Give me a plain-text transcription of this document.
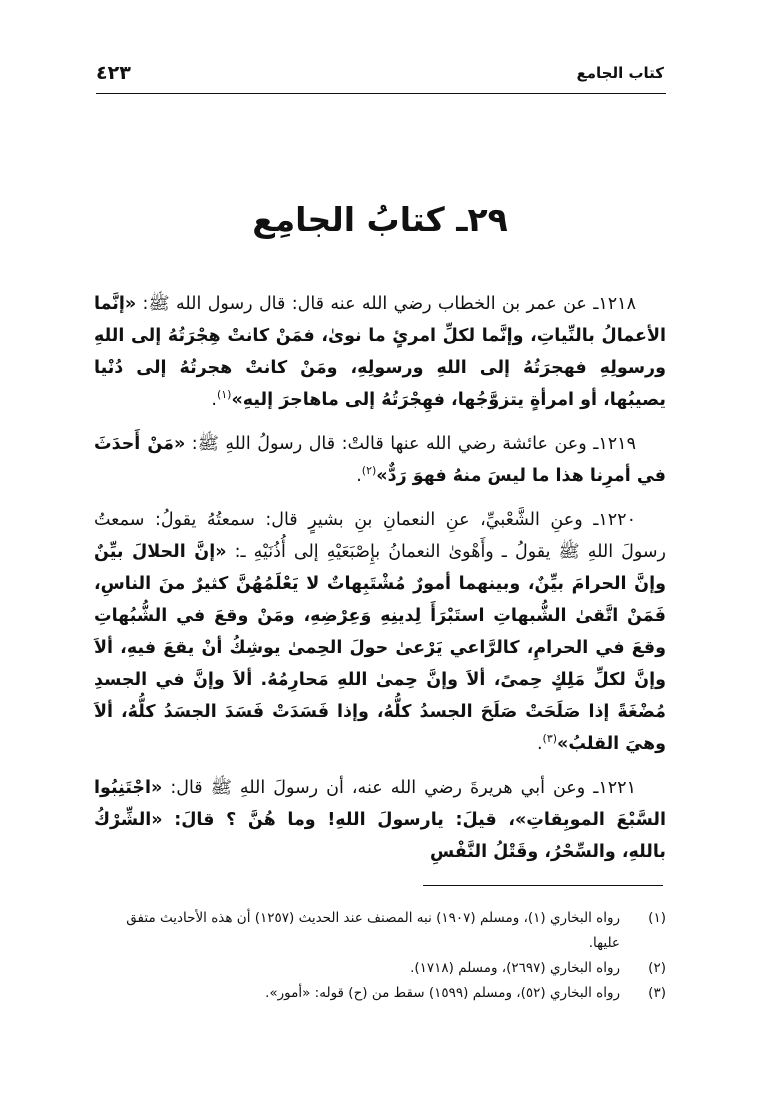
كتاب الجامع
٤٢٣
٢٩ـ كتابُ الجامِع

١٢١٨ـ عن عمر بن الخطاب رضي الله عنه قال: قال رسول الله ﷺ: «إنَّما الأعمالُ بالنِّياتِ، وإنَّما لكلِّ امرئٍ ما نوىٰ، فمَنْ كانتْ هِجْرَتُهُ إلى اللهِ ورسولِهِ فهجرَتُهُ إلى اللهِ ورسولِهِ، ومَنْ كانتْ هجرتُهُ إلى دُنْيا يصيبُها، أو امرأةٍ يتزوَّجُها، فهِجْرَتُهُ إلى ماهاجرَ إليهِ»$^{(١)}$.

١٢١٩ـ وعن عائشة رضي الله عنها قالتْ: قال رسولُ اللهِ ﷺ: «مَنْ أَحدَثَ في أمرِنا هذا ما ليسَ منهُ فهوَ رَدٌّ»$^{(٢)}$.

١٢٢٠ـ وعنِ الشَّعْبيِّ، عنِ النعمانِ بنِ بشيرٍ قال: سمعتُهُ يقولُ: سمعتُ رسولَ اللهِ ﷺ يقولُ ـ وأَهْوىٰ النعمانُ بإِصْبَعَيْهِ إلى أُذُنَيْهِ ـ: «إنَّ الحلالَ بيِّنٌ وإنَّ الحرامَ بيِّنٌ، وبينهما أمورٌ مُشْتَبِهاتٌ لا يَعْلَمُهُنَّ كثيرٌ منَ الناسِ، فَمَنْ اتَّقىٰ الشُّبهاتِ استَبْرَأَ لِدينِهِ وَعِرْضِهِ، ومَنْ وقعَ في الشُّبُهاتِ وقعَ في الحرامِ، كالرَّاعي يَرْعىٰ حولَ الحِمىٰ يوشِكُ أنْ يقعَ فيهِ، ألاَ وإنَّ لكلِّ مَلِكٍ حِمىً، ألاَ وإنَّ حِمىٰ اللهِ مَحارِمُهُ. ألاَ وإنَّ في الجسدِ مُضْغَةً إذا صَلَحَتْ صَلَحَ الجسدُ كلُّهُ، وإذا فَسَدَتْ فَسَدَ الجسَدُ كلُّهُ، ألاَ وهيَ القلبُ»$^{(٣)}$.

١٢٢١ـ وعن أبي هريرةَ رضي الله عنه، أن رسولَ اللهِ ﷺ قال: «اجْتَنِبُوا السَّبْعَ الموبِقاتِ»، قيلَ: يارسولَ اللهِ! وما هُنَّ ؟ قالَ: «الشِّرْكُ باللهِ، والسِّحْرُ، وقَتْلُ النَّفْسِ

(١)
رواه البخاري (١)، ومسلم (١٩٠٧) نبه المصنف عند الحديث (١٢٥٧) أن هذه الأحاديث متفق عليها.
(٢)
رواه البخاري (٢٦٩٧)، ومسلم (١٧١٨).
(٣)
رواه البخاري (٥٢)، ومسلم (١٥٩٩) سقط من (ح) قوله: «أمور».
